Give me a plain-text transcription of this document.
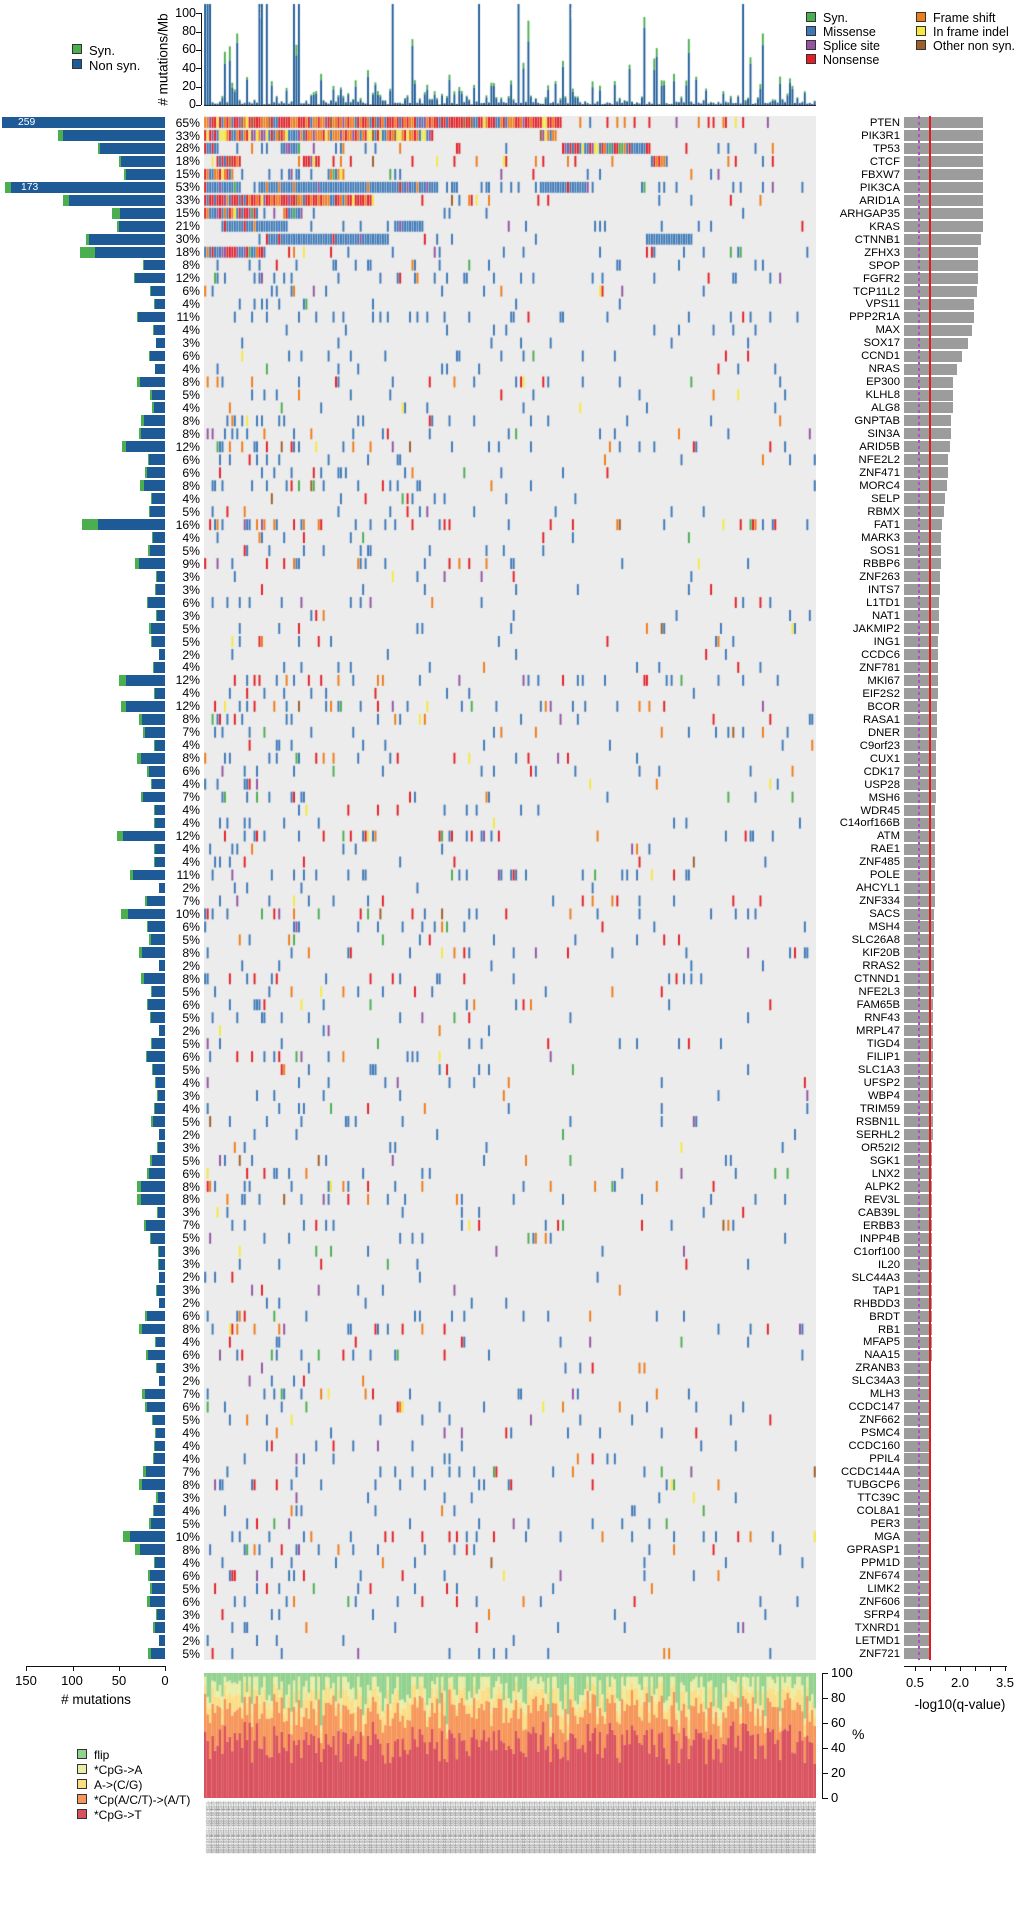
# mutations/Mb	0
20
40
60
80
100
Syn.
Non syn.
Syn.
Missense
Splice site
Nonsense
Frame shift
In frame indel
Other non syn.
259	65%	PTEN
33%	PIK3R1
28%	TP53
18%	CTCF
15%	FBXW7
173	53%	PIK3CA
33%	ARID1A
15%	ARHGAP35
21%	KRAS
30%	CTNNB1
18%	ZFHX3
8%	SPOP
12%	FGFR2
6%	TCP11L2
4%	VPS11
11%	PPP2R1A
4%	MAX
3%	SOX17
6%	CCND1
4%	NRAS
8%	EP300
5%	KLHL8
4%	ALG8
8%	GNPTAB
8%	SIN3A
12%	ARID5B
6%	NFE2L2
6%	ZNF471
8%	MORC4
4%	SELP
5%	RBMX
16%	FAT1
4%	MARK3
5%	SOS1
9%	RBBP6
3%	ZNF263
3%	INTS7
6%	L1TD1
3%	NAT1
5%	JAKMIP2
5%	ING1
2%	CCDC6
4%	ZNF781
12%	MKI67
4%	EIF2S2
12%	BCOR
8%	RASA1
7%	DNER
4%	C9orf23
8%	CUX1
6%	CDK17
4%	USP28
7%	MSH6
4%	WDR45
4%	C14orf166B
12%	ATM
4%	RAE1
4%	ZNF485
11%	POLE
2%	AHCYL1
7%	ZNF334
10%	SACS
6%	MSH4
5%	SLC26A8
8%	KIF20B
2%	RRAS2
8%	CTNND1
5%	NFE2L3
6%	FAM65B
5%	RNF43
2%	MRPL47
5%	TIGD4
6%	FILIP1
5%	SLC1A3
4%	UFSP2
3%	WBP4
4%	TRIM59
5%	RSBN1L
2%	SERHL2
3%	OR52I2
5%	SGK1
6%	LNX2
8%	ALPK2
8%	REV3L
3%	CAB39L
7%	ERBB3
5%	INPP4B
3%	C1orf100
3%	IL20
2%	SLC44A3
3%	TAP1
2%	RHBDD3
6%	BRDT
8%	RB1
4%	MFAP5
6%	NAA15
3%	ZRANB3
2%	SLC34A3
7%	MLH3
6%	CCDC147
5%	ZNF662
4%	PSMC4
4%	CCDC160
4%	PPIL4
7%	CCDC144A
8%	TUBGCP6
3%	TTC39C
4%	COL8A1
5%	PER3
10%	MGA
8%	GPRASP1
4%	PPM1D
6%	ZNF674
5%	LIMK2
6%	ZNF606
3%	SFRP4
4%	TXNRD1
2%	LETMD1
5%	ZNF721
150	100	50	0
# mutations
0.5	2.0	3.5
-log10(q-value)
100
80
60
40
20
0
%
flip
*CpG->A
A->(C/G)
*Cp(A/C/T)->(A/T)
*CpG->T
